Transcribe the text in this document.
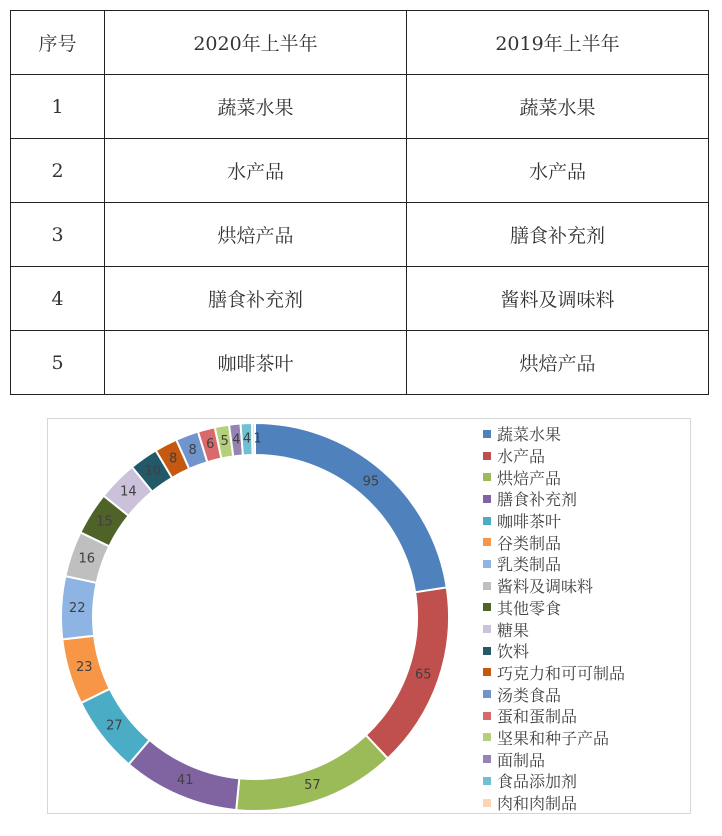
序号	2020年上半年	2019年上半年
1	蔬菜水果	蔬菜水果
2	水产品	水产品
3	烘焙产品	膳食补充剂
4	膳食补充剂	酱料及调味料
5	咖啡茶叶	烘焙产品
95
65
57
41
27
23
22
16
15
14
10
8
8 6 5 4 4 1	蔬菜水果
水产品
烘焙产品
膳食补充剂
咖啡茶叶
谷类制品
乳类制品
酱料及调味料
其他零食
糖果
饮料
巧克力和可可制品
汤类食品
蛋和蛋制品
坚果和种子产品
面制品
食品添加剂
肉和肉制品
